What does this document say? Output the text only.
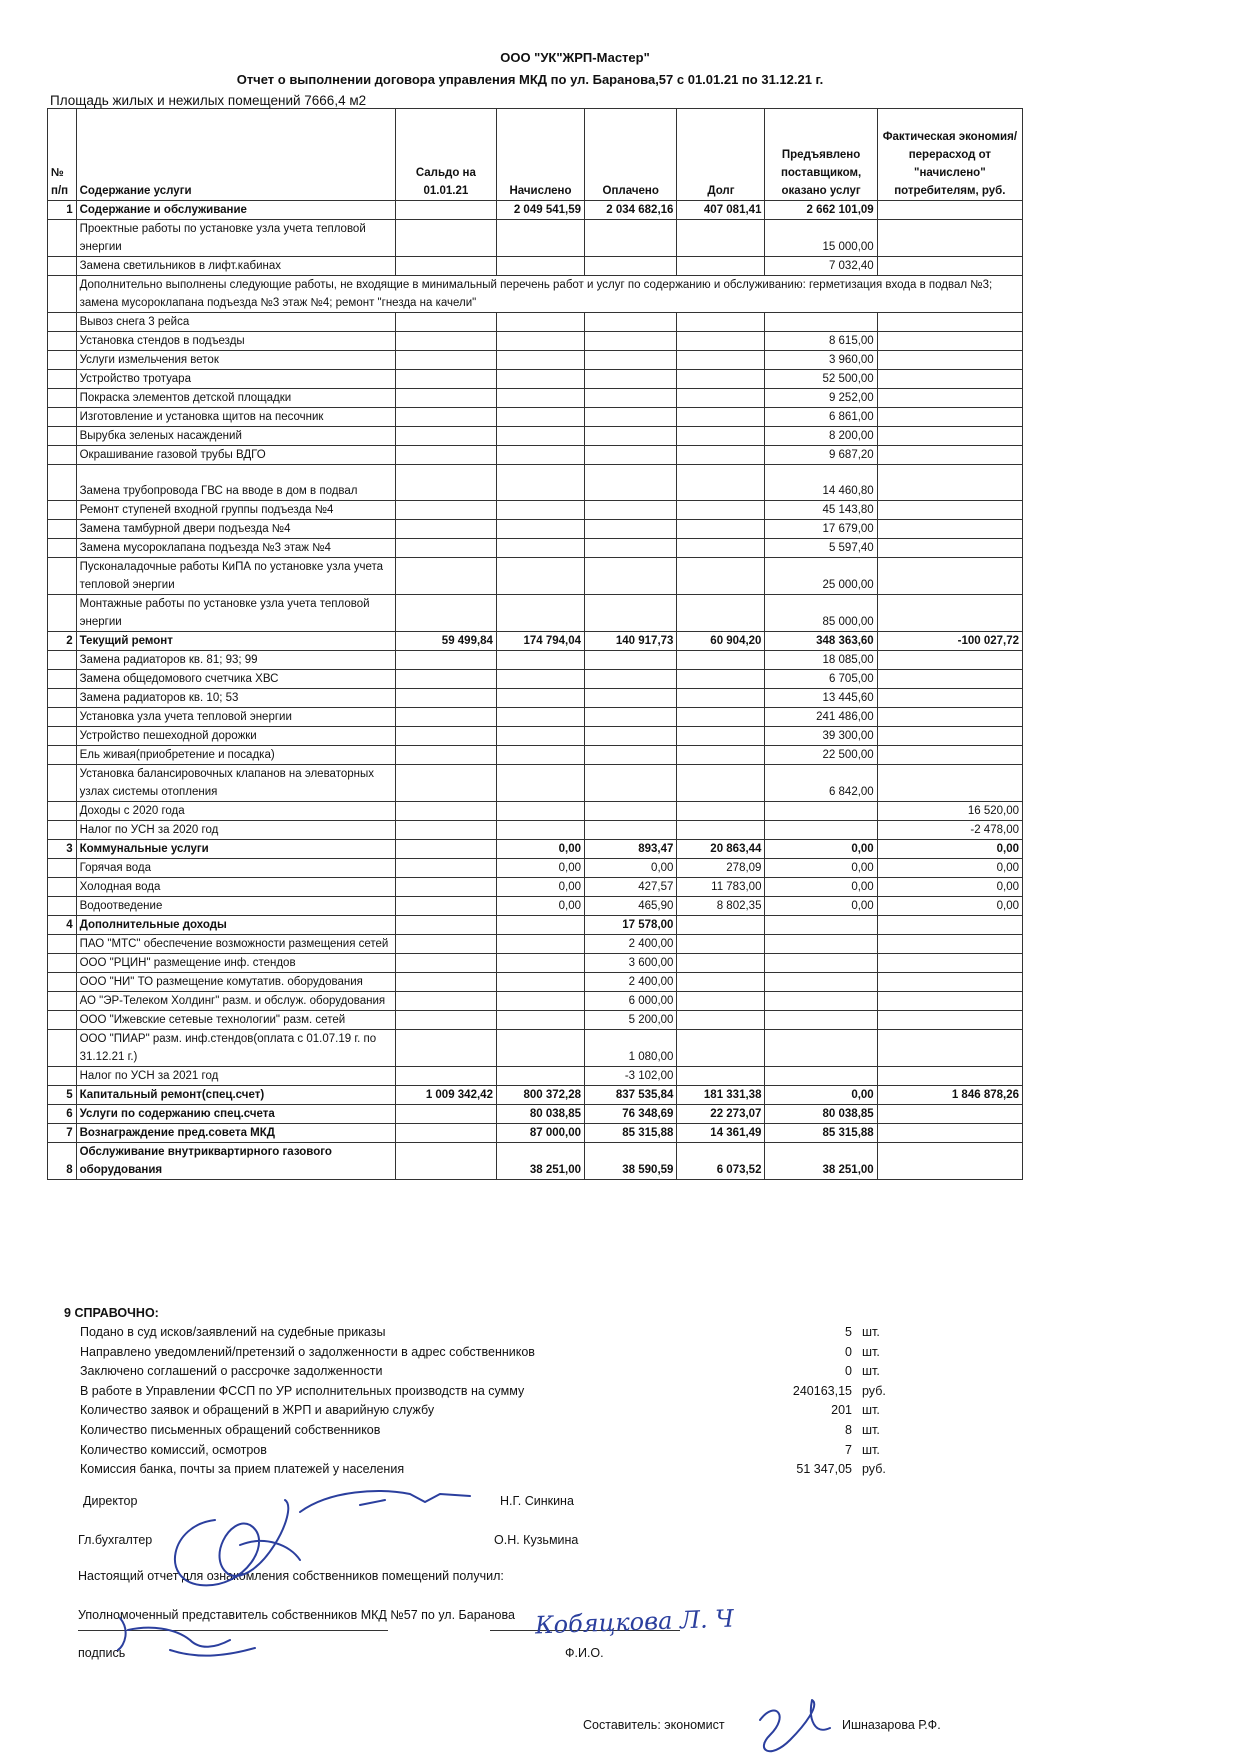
ООО "УК"ЖРП-Мастер"
Отчет о выполнении договора управления МКД по ул. Баранова,57 с 01.01.21 по 31.12.21 г.
Площадь жилых и нежилых помещений 7666,4 м2
№ п/п	Содержание услуги	Сальдо на 01.01.21	Начислено	Оплачено	Долг	Предъявлено поставщиком, оказано услуг	Фактическая экономия/перерасход от "начислено" потребителям, руб.
1	Содержание и обслуживание		2 049 541,59	2 034 682,16	407 081,41	2 662 101,09	
	Проектные работы по установке узла учета тепловой энергии					15 000,00	
	Замена светильников в лифт.кабинах					7 032,40	
	Дополнительно выполнены следующие работы, не входящие в минимальный перечень работ и услуг по содержанию и обслуживанию: герметизация входа в подвал №3; замена мусороклапана подъезда №3 этаж №4; ремонт "гнезда на качели"						
	Вывоз снега 3 рейса						
	Установка стендов в подъезды					8 615,00	
	Услуги измельчения веток					3 960,00	
	Устройство тротуара					52 500,00	
	Покраска элементов детской площадки					9 252,00	
	Изготовление и установка щитов на песочник					6 861,00	
	Вырубка зеленых насаждений					8 200,00	
	Окрашивание газовой трубы ВДГО					9 687,20	
	Замена трубопровода ГВС на вводе в дом в подвал					14 460,80	
	Ремонт ступеней входной группы подъезда №4					45 143,80	
	Замена тамбурной двери подъезда №4					17 679,00	
	Замена мусороклапана подъезда №3 этаж №4					5 597,40	
	Пусконаладочные работы КиПА по установке узла учета тепловой энергии					25 000,00	
	Монтажные работы по установке узла учета тепловой энергии					85 000,00	
2	Текущий ремонт	59 499,84	174 794,04	140 917,73	60 904,20	348 363,60	-100 027,72
	Замена радиаторов кв. 81; 93; 99					18 085,00	
	Замена общедомового счетчика ХВС					6 705,00	
	Замена радиаторов кв. 10; 53					13 445,60	
	Установка узла учета тепловой энергии					241 486,00	
	Устройство пешеходной дорожки					39 300,00	
	Ель живая(приобретение и посадка)					22 500,00	
	Установка балансировочных клапанов на элеваторных узлах системы отопления					6 842,00	
	Доходы с 2020 года						16 520,00
	Налог по УСН за 2020 год						-2 478,00
3	Коммунальные услуги		0,00	893,47	20 863,44	0,00	0,00
	Горячая вода		0,00	0,00	278,09	0,00	0,00
	Холодная вода		0,00	427,57	11 783,00	0,00	0,00
	Водоотведение		0,00	465,90	8 802,35	0,00	0,00
4	Дополнительные доходы			17 578,00			
	ПАО "МТС" обеспечение возможности размещения сетей			2 400,00			
	ООО "РЦИН" размещение инф. стендов			3 600,00			
	ООО "НИ" ТО размещение комутатив. оборудования			2 400,00			
	АО "ЭР-Телеком Холдинг" разм. и обслуж. оборудования			6 000,00			
	ООО "Ижевские сетевые технологии" разм. сетей			5 200,00			
	ООО "ПИАР" разм. инф.стендов(оплата с 01.07.19 г. по 31.12.21 г.)			1 080,00			
	Налог по УСН за 2021 год			-3 102,00			
5	Капитальный ремонт(спец.счет)	1 009 342,42	800 372,28	837 535,84	181 331,38	0,00	1 846 878,26
6	Услуги по содержанию спец.счета		80 038,85	76 348,69	22 273,07	80 038,85	
7	Вознаграждение пред.совета МКД		87 000,00	85 315,88	14 361,49	85 315,88	
8	Обслуживание внутриквартирного газового оборудования		38 251,00	38 590,59	6 073,52	38 251,00	
9 СПРАВОЧНО:
Подано в суд исков/заявлений на судебные приказы	5 шт.
Направлено уведомлений/претензий о задолженности в адрес собственников	0 шт.
Заключено соглашений о рассрочке задолженности	0 шт.
В работе в Управлении ФССП по УР исполнительных производств на сумму	240163,15 руб.
Количество заявок и обращений в ЖРП и аварийную службу	201 шт.
Количество письменных обращений собственников	8 шт.
Количество комиссий, осмотров	7 шт.
Комиссия банка, почты за прием платежей у населения	51 347,05 руб.
Директор	Н.Г. Синкина
Гл.бухгалтер	О.Н. Кузьмина
Настоящий отчет для ознакомления собственников помещений получил:
Уполномоченный представитель собственников МКД №57 по ул. Баранова
подпись	Ф.И.О.
Составитель: экономист	Ишназарова Р.Ф.
Кобяцкова Л. Ч
